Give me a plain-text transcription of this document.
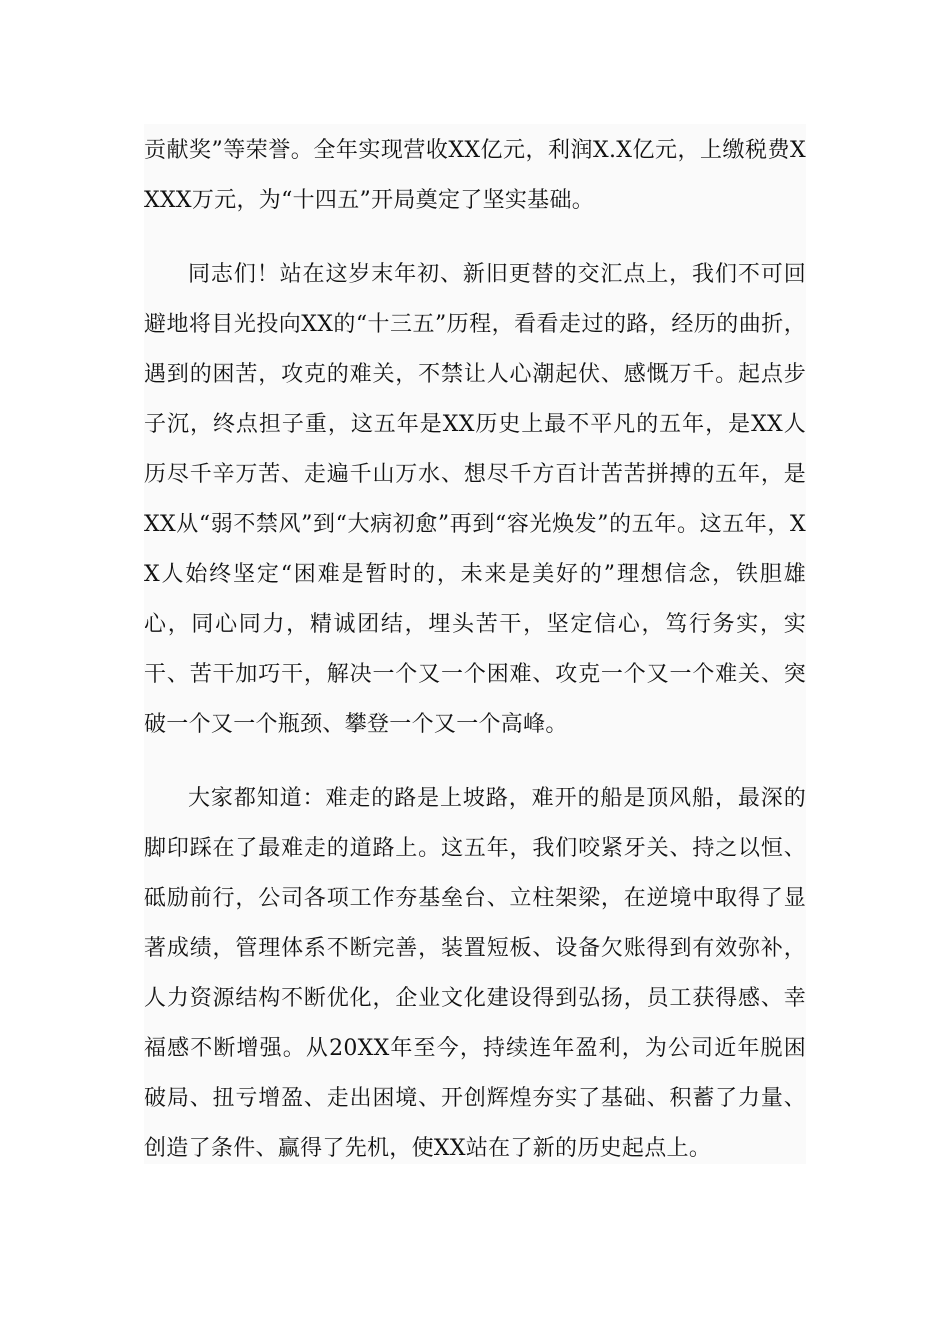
贡献奖”等荣誉。全年实现营收XX亿元，利润X.X亿元，上缴税费XXXX万元，为“十四五”开局奠定了坚实基础。

同志们！站在这岁末年初、新旧更替的交汇点上，我们不可回避地将目光投向XX的“十三五”历程，看看走过的路，经历的曲折，遇到的困苦，攻克的难关，不禁让人心潮起伏、感慨万千。起点步子沉，终点担子重，这五年是XX历史上最不平凡的五年，是XX人历尽千辛万苦、走遍千山万水、想尽千方百计苦苦拼搏的五年，是XX从“弱不禁风”到“大病初愈”再到“容光焕发”的五年。这五年，XX人始终坚定“困难是暂时的，未来是美好的”理想信念，铁胆雄心，同心同力，精诚团结，埋头苦干，坚定信心，笃行务实，实干、苦干加巧干，解决一个又一个困难、攻克一个又一个难关、突破一个又一个瓶颈、攀登一个又一个高峰。

大家都知道：难走的路是上坡路，难开的船是顶风船，最深的脚印踩在了最难走的道路上。这五年，我们咬紧牙关、持之以恒、砥励前行，公司各项工作夯基垒台、立柱架梁，在逆境中取得了显著成绩，管理体系不断完善，装置短板、设备欠账得到有效弥补，人力资源结构不断优化，企业文化建设得到弘扬，员工获得感、幸福感不断增强。从20XX年至今，持续连年盈利，为公司近年脱困破局、扭亏增盈、走出困境、开创辉煌夯实了基础、积蓄了力量、创造了条件、赢得了先机，使XX站在了新的历史起点上。
